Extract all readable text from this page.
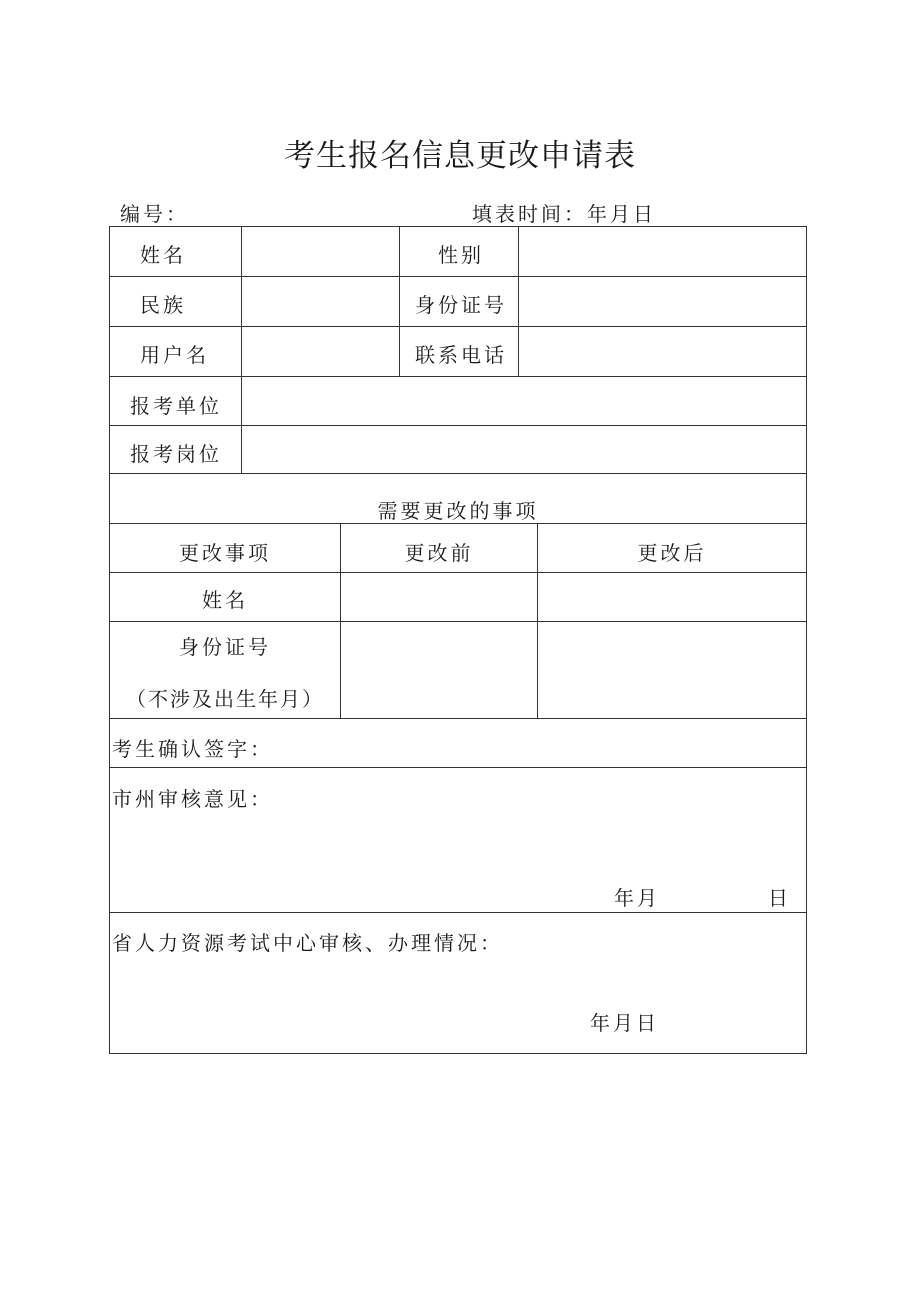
考生报名信息更改申请表
编号：	填表时间：年月日
姓名	性别
民族	身份证号
用户名	联系电话
报考单位
报考岗位
需要更改的事项
更改事项	更改前	更改后
姓名
身份证号
（不涉及出生年月）
考生确认签字：
市州审核意见：
年月	日
省人力资源考试中心审核、办理情况：
年月日
